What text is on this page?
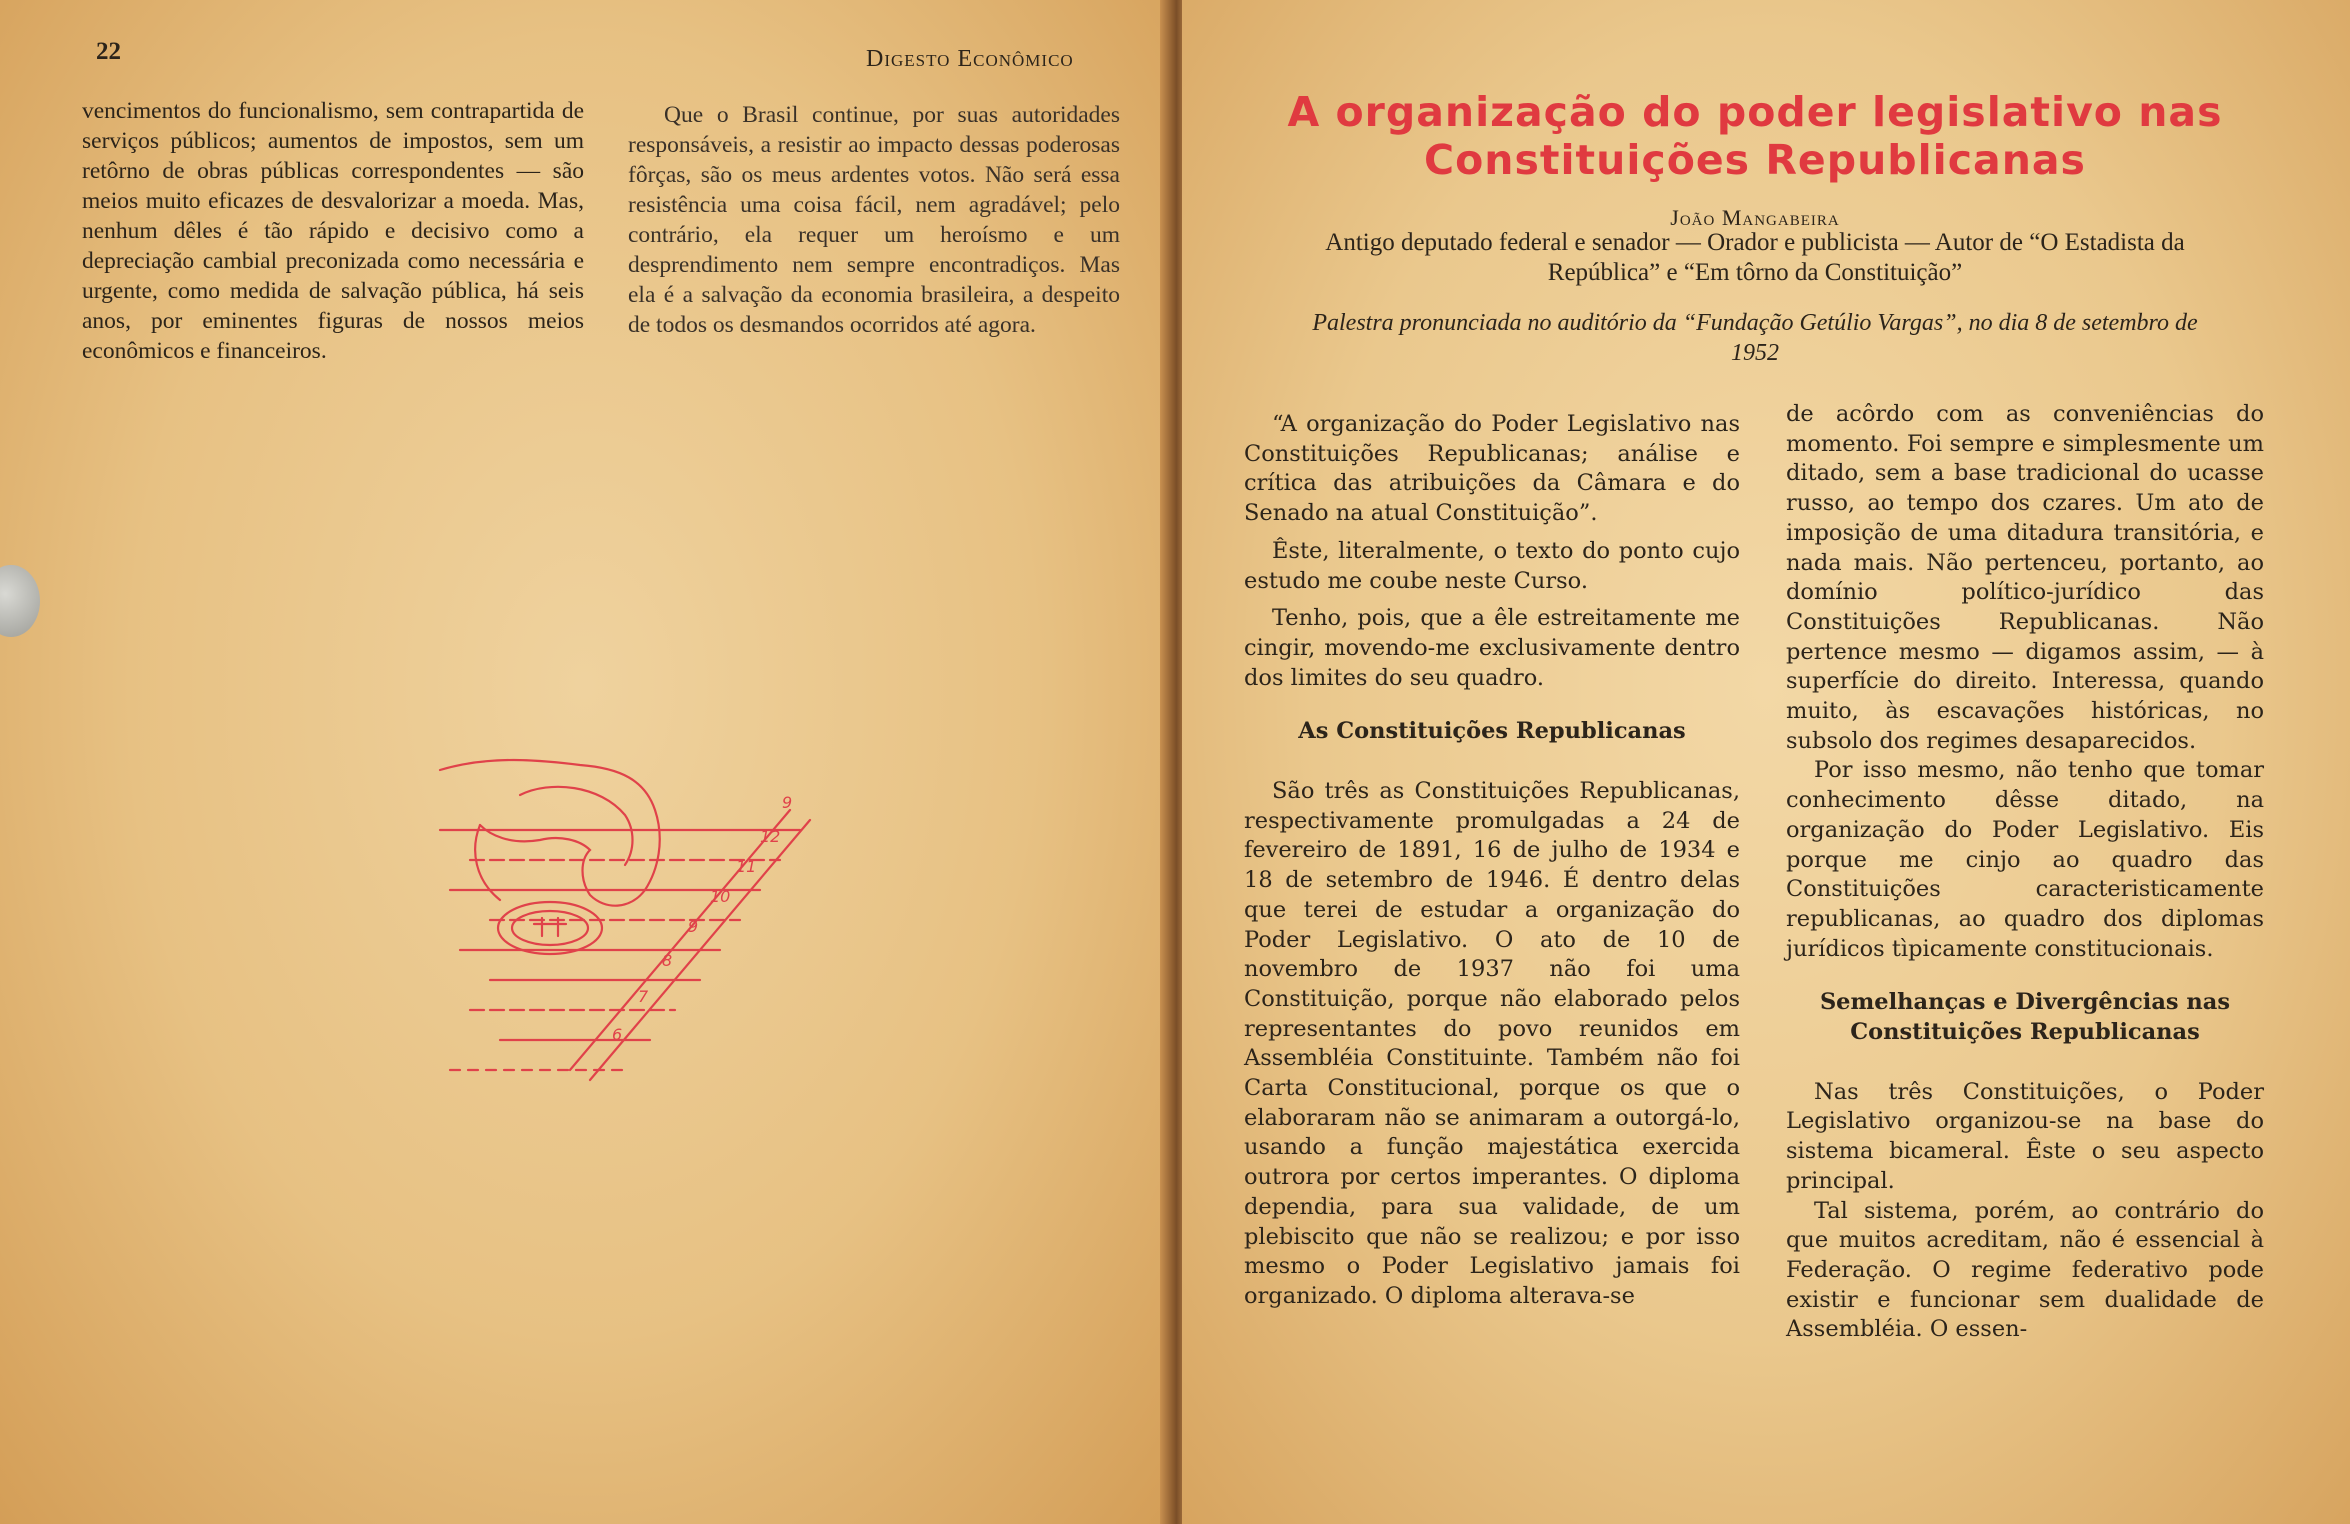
22	Digesto Econômico

vencimentos do funcionalismo, sem contrapartida de serviços públicos; aumentos de impostos, sem um retôrno de obras públicas correspondentes — são meios muito eficazes de desvalorizar a moeda. Mas, nenhum dêles é tão rápido e decisivo como a depreciação cambial preconizada como necessária e urgente, como medida de salvação pública, há seis anos, por eminentes figuras de nossos meios econômicos e financeiros.

Que o Brasil continue, por suas autoridades responsáveis, a resistir ao impacto dessas poderosas fôrças, são os meus ardentes votos. Não será essa resistência uma coisa fácil, nem agradável; pelo contrário, ela requer um heroísmo e um desprendimento nem sempre encontradiços. Mas ela é a salvação da economia brasileira, a despeito de todos os desmandos ocorridos até agora.

9
12
11
10
9
8
7
6
A organização do poder legislativo nas Constituições Republicanas
João Mangabeira
Antigo deputado federal e senador — Orador e publicista — Autor de “O Estadista da República” e “Em tôrno da Constituição”
Palestra pronunciada no auditório da “Fundação Getúlio Vargas”, no dia 8 de setembro de 1952

“A organização do Poder Legislativo nas Constituições Republicanas; análise e crítica das atribuições da Câmara e do Senado na atual Constituição”.

Êste, literalmente, o texto do ponto cujo estudo me coube neste Curso.

Tenho, pois, que a êle estreitamente me cingir, movendo-me exclusivamente dentro dos limites do seu quadro.

As Constituições Republicanas

São três as Constituições Republicanas, respectivamente promulgadas a 24 de fevereiro de 1891, 16 de julho de 1934 e 18 de setembro de 1946. É dentro delas que terei de estudar a organização do Poder Legislativo. O ato de 10 de novembro de 1937 não foi uma Constituição, porque não elaborado pelos representantes do povo reunidos em Assembléia Constituinte. Também não foi Carta Constitucional, porque os que o elaboraram não se animaram a outorgá-lo, usando a função majestática exercida outrora por certos imperantes. O diploma dependia, para sua validade, de um plebiscito que não se realizou; e por isso mesmo o Poder Legislativo jamais foi organizado. O diploma alterava-se

de acôrdo com as conveniências do momento. Foi sempre e simplesmente um ditado, sem a base tradicional do ucasse russo, ao tempo dos czares. Um ato de imposição de uma ditadura transitória, e nada mais. Não pertenceu, portanto, ao domínio político-jurídico das Constituições Republicanas. Não pertence mesmo — digamos assim, — à superfície do direito. Interessa, quando muito, às escavações históricas, no subsolo dos regimes desaparecidos.

Por isso mesmo, não tenho que tomar conhecimento dêsse ditado, na organização do Poder Legislativo. Eis porque me cinjo ao quadro das Constituições caracteristicamente republicanas, ao quadro dos diplomas jurídicos tìpicamente constitucionais.

Semelhanças e Divergências nas Constituições Republicanas

Nas três Constituições, o Poder Legislativo organizou-se na base do sistema bicameral. Êste o seu aspecto principal.

Tal sistema, porém, ao contrário do que muitos acreditam, não é essencial à Federação. O regime federativo pode existir e funcionar sem dualidade de Assembléia. O essen-
